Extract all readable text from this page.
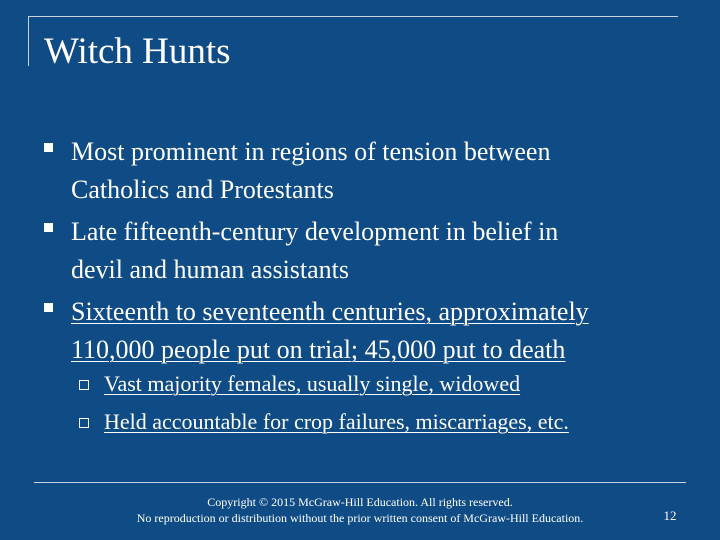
Witch Hunts
Most prominent in regions of tension between
Catholics and Protestants
Late fifteenth-century development in belief in
devil and human assistants
Sixteenth to seventeenth centuries, approximately
110,000 people put on trial; 45,000 put to death
Vast majority females, usually single, widowed
Held accountable for crop failures, miscarriages, etc.
Copyright © 2015 McGraw-Hill Education. All rights reserved.
No reproduction or distribution without the prior written consent of McGraw-Hill Education.	12
